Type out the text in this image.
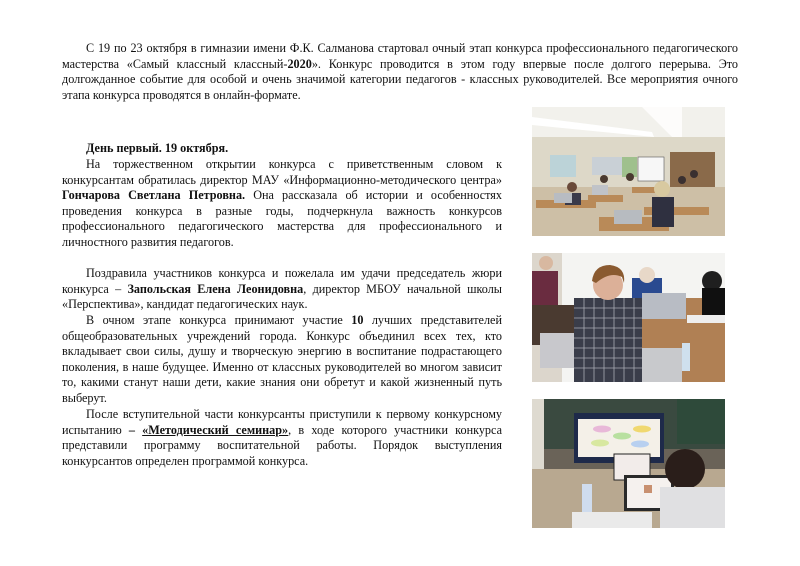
С 19 по 23 октября в гимназии имени Ф.К. Салманова стартовал очный этап конкурса профессионального педагогического мастерства «Самый классный классный-2020». Конкурс проводится в этом году впервые после долгого перерыва. Это долгожданное событие для особой и очень значимой категории педагогов - классных руководителей. Все мероприятия очного этапа конкурса проводятся в онлайн-формате.

День первый. 19 октября.

На торжественном открытии конкурса с приветственным словом к конкурсантам обратилась директор МАУ «Информационно-методического центра» Гончарова Светлана Петровна. Она рассказала об истории и особенностях проведения конкурса в разные годы, подчеркнула важность конкурсов профессионального педагогического мастерства для профессионального и личностного развития педагогов.

Поздравила участников конкурса и пожелала им удачи председатель жюри конкурса – Запольская Елена Леонидовна, директор МБОУ начальной школы «Перспектива», кандидат педагогических наук.

В очном этапе конкурса принимают участие 10 лучших представителей общеобразовательных учреждений города. Конкурс объединил всех тех, кто вкладывает свои силы, душу и творческую энергию в воспитание подрастающего поколения, в наше будущее. Именно от классных руководителей во многом зависит то, какими станут наши дети, какие знания они обретут и какой жизненный путь выберут.

После вступительной части конкурсанты приступили к первому конкурсному испытанию – «Методический семинар», в ходе которого участники конкурса представили программу воспитательной работы. Порядок выступления конкурсантов определен программой конкурса.
